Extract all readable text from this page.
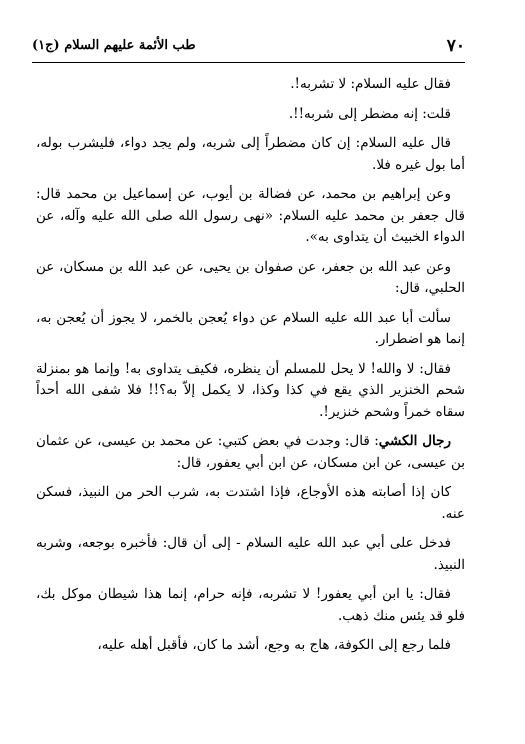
٧٠
طب الأئمة عليهم السلام (ج١)

فقال عليه السلام: لا تشربه!.

قلت: إنه مضطر إلى شربه!!.

قال عليه السلام: إن كان مضطراً إلى شربه، ولم يجد دواء، فليشرب بوله، أما بول غيره فلا.

وعن إبراهيم بن محمد، عن فضالة بن أيوب، عن إسماعيل بن محمد قال: قال جعفر بن محمد عليه السلام: «نهى رسول الله صلى الله عليه وآله، عن الدواء الخبيث أن يتداوى به».

وعن عبد الله بن جعفر، عن صفوان بن يحيى، عن عبد الله بن مسكان، عن الحلبي، قال:

سألت أبا عبد الله عليه السلام عن دواء يُعجن بالخمر، لا يجوز أن يُعجن به، إنما هو اضطرار.

فقال: لا والله! لا يحل للمسلم أن ينظره، فكيف يتداوى به! وإنما هو بمنزلة شحم الخنزير الذي يقع في كذا وكذا، لا يكمل إلاّ به؟!! فلا شفى الله أحداً سقاه خمراً وشحم خنزير!.

رجال الكشي: قال: وجدت في بعض كتبي: عن محمد بن عيسى، عن عثمان بن عيسى، عن ابن مسكان، عن ابن أبي يعفور، قال:

كان إذا أصابته هذه الأوجاع، فإذا اشتدت به، شرب الحر من النبيذ، فسكن عنه.

فدخل على أبي عبد الله عليه السلام - إلى أن قال: فأخبره بوجعه، وشربه النبيذ.

فقال: يا ابن أبي يعفور! لا تشربه، فإنه حرام، إنما هذا شيطان موكل بك، فلو قد يئس منك ذهب.

فلما رجع إلى الكوفة، هاج به وجع، أشد ما كان، فأقبل أهله عليه،
